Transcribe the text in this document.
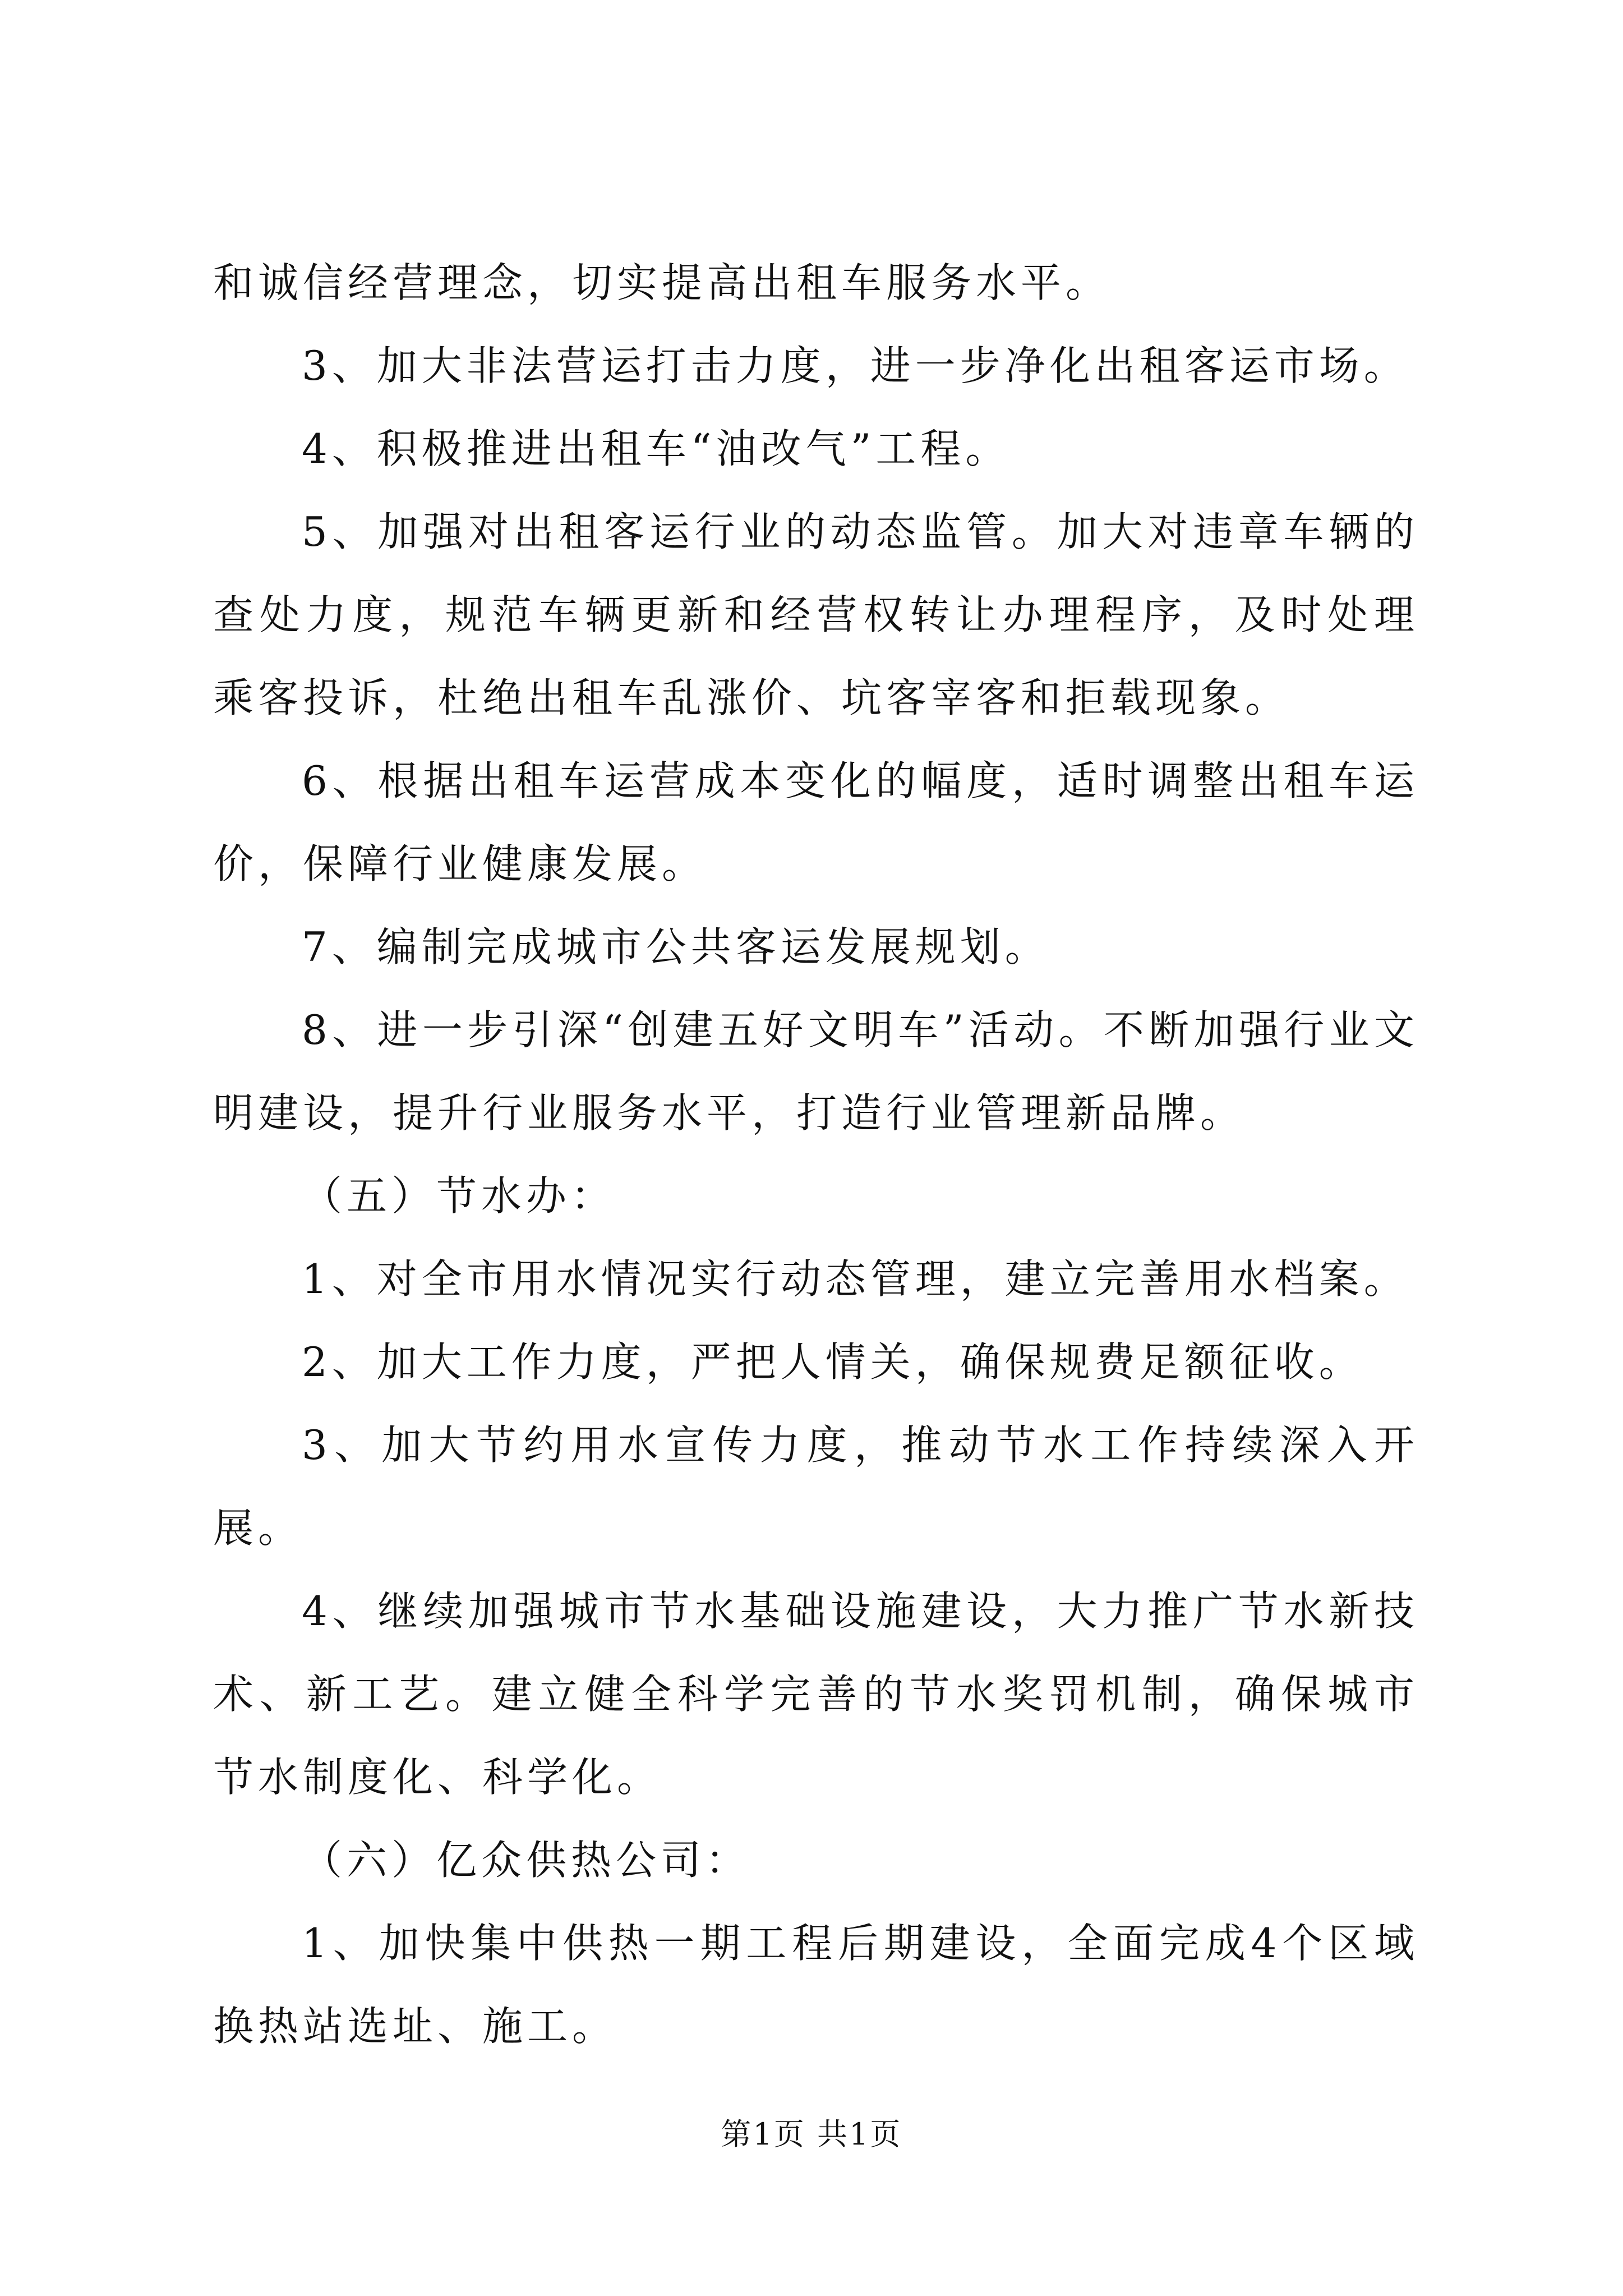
和诚信经营理念，切实提高出租车服务水平。

3、加大非法营运打击力度，进一步净化出租客运市场。

4、积极推进出租车“油改气”工程。

5、加强对出租客运行业的动态监管。加大对违章车辆的查处力度，规范车辆更新和经营权转让办理程序，及时处理乘客投诉，杜绝出租车乱涨价、坑客宰客和拒载现象。

6、根据出租车运营成本变化的幅度，适时调整出租车运价，保障行业健康发展。

7、编制完成城市公共客运发展规划。

8、进一步引深“创建五好文明车”活动。不断加强行业文明建设，提升行业服务水平，打造行业管理新品牌。

（五）节水办：

1、对全市用水情况实行动态管理，建立完善用水档案。

2、加大工作力度，严把人情关，确保规费足额征收。

3、加大节约用水宣传力度，推动节水工作持续深入开展。

4、继续加强城市节水基础设施建设，大力推广节水新技术、新工艺。建立健全科学完善的节水奖罚机制，确保城市节水制度化、科学化。

（六）亿众供热公司：

1、加快集中供热一期工程后期建设，全面完成4个区域换热站选址、施工。

第1页 共1页
